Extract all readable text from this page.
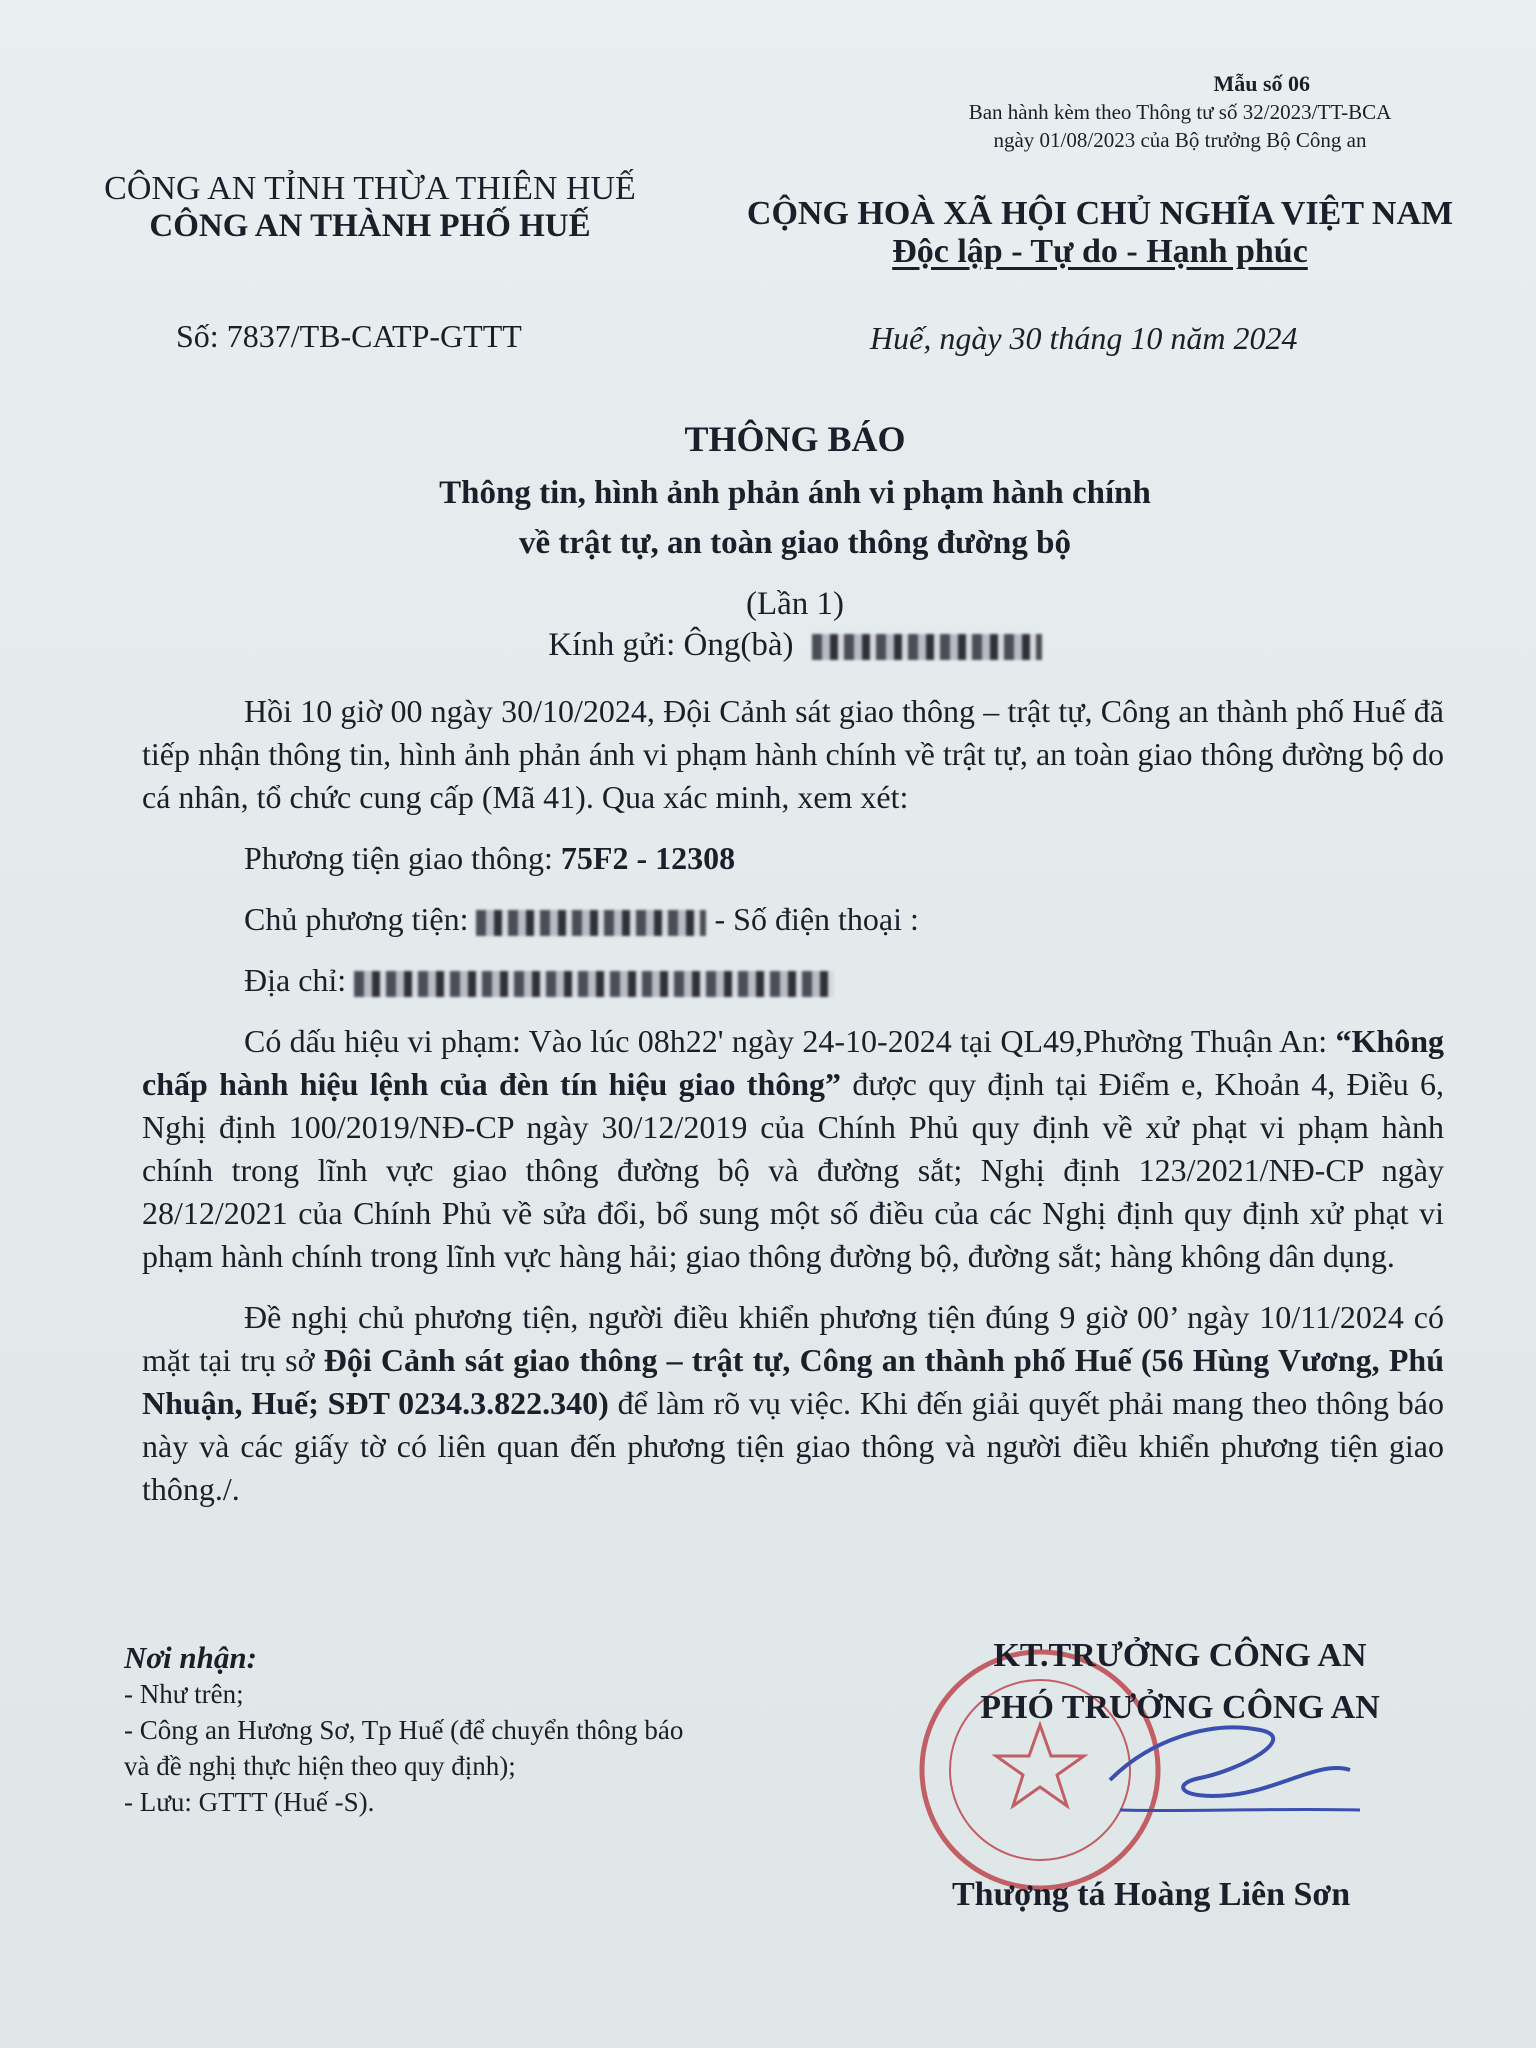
Mẫu số 06
Ban hành kèm theo Thông tư số 32/2023/TT-BCA
ngày 01/08/2023 của Bộ trưởng Bộ Công an
CÔNG AN TỈNH THỪA THIÊN HUẾ
CÔNG AN THÀNH PHỐ HUẾ	CỘNG HOÀ XÃ HỘI CHỦ NGHĨA VIỆT NAM
Độc lập - Tự do - Hạnh phúc
Số: 7837/TB-CATP-GTTT	Huế, ngày 30 tháng 10 năm 2024
THÔNG BÁO
Thông tin, hình ảnh phản ánh vi phạm hành chính
về trật tự, an toàn giao thông đường bộ
(Lần 1)
Kính gửi: Ông(bà)

Hồi 10 giờ 00 ngày 30/10/2024, Đội Cảnh sát giao thông – trật tự, Công an thành phố Huế đã tiếp nhận thông tin, hình ảnh phản ánh vi phạm hành chính về trật tự, an toàn giao thông đường bộ do cá nhân, tổ chức cung cấp (Mã 41). Qua xác minh, xem xét:

Phương tiện giao thông: 75F2 - 12308

Chủ phương tiện:	- Số điện thoại :

Địa chỉ:

Có dấu hiệu vi phạm: Vào lúc 08h22' ngày 24-10-2024 tại QL49,Phường Thuận An: “Không chấp hành hiệu lệnh của đèn tín hiệu giao thông” được quy định tại Điểm e, Khoản 4, Điều 6, Nghị định 100/2019/NĐ-CP ngày 30/12/2019 của Chính Phủ quy định về xử phạt vi phạm hành chính trong lĩnh vực giao thông đường bộ và đường sắt; Nghị định 123/2021/NĐ-CP ngày 28/12/2021 của Chính Phủ về sửa đổi, bổ sung một số điều của các Nghị định quy định xử phạt vi phạm hành chính trong lĩnh vực hàng hải; giao thông đường bộ, đường sắt; hàng không dân dụng.

Đề nghị chủ phương tiện, người điều khiển phương tiện đúng 9 giờ 00’ ngày 10/11/2024 có mặt tại trụ sở Đội Cảnh sát giao thông – trật tự, Công an thành phố Huế (56 Hùng Vương, Phú Nhuận, Huế; SĐT 0234.3.822.340) để làm rõ vụ việc. Khi đến giải quyết phải mang theo thông báo này và các giấy tờ có liên quan đến phương tiện giao thông và người điều khiển phương tiện giao thông./.

Nơi nhận:
- Như trên;
- Công an Hương Sơ, Tp Huế (để chuyển thông báo
và đề nghị thực hiện theo quy định);
- Lưu: GTTT (Huế -S).
KT.TRƯỞNG CÔNG AN
PHÓ TRƯỞNG CÔNG AN
Thượng tá Hoàng Liên Sơn
